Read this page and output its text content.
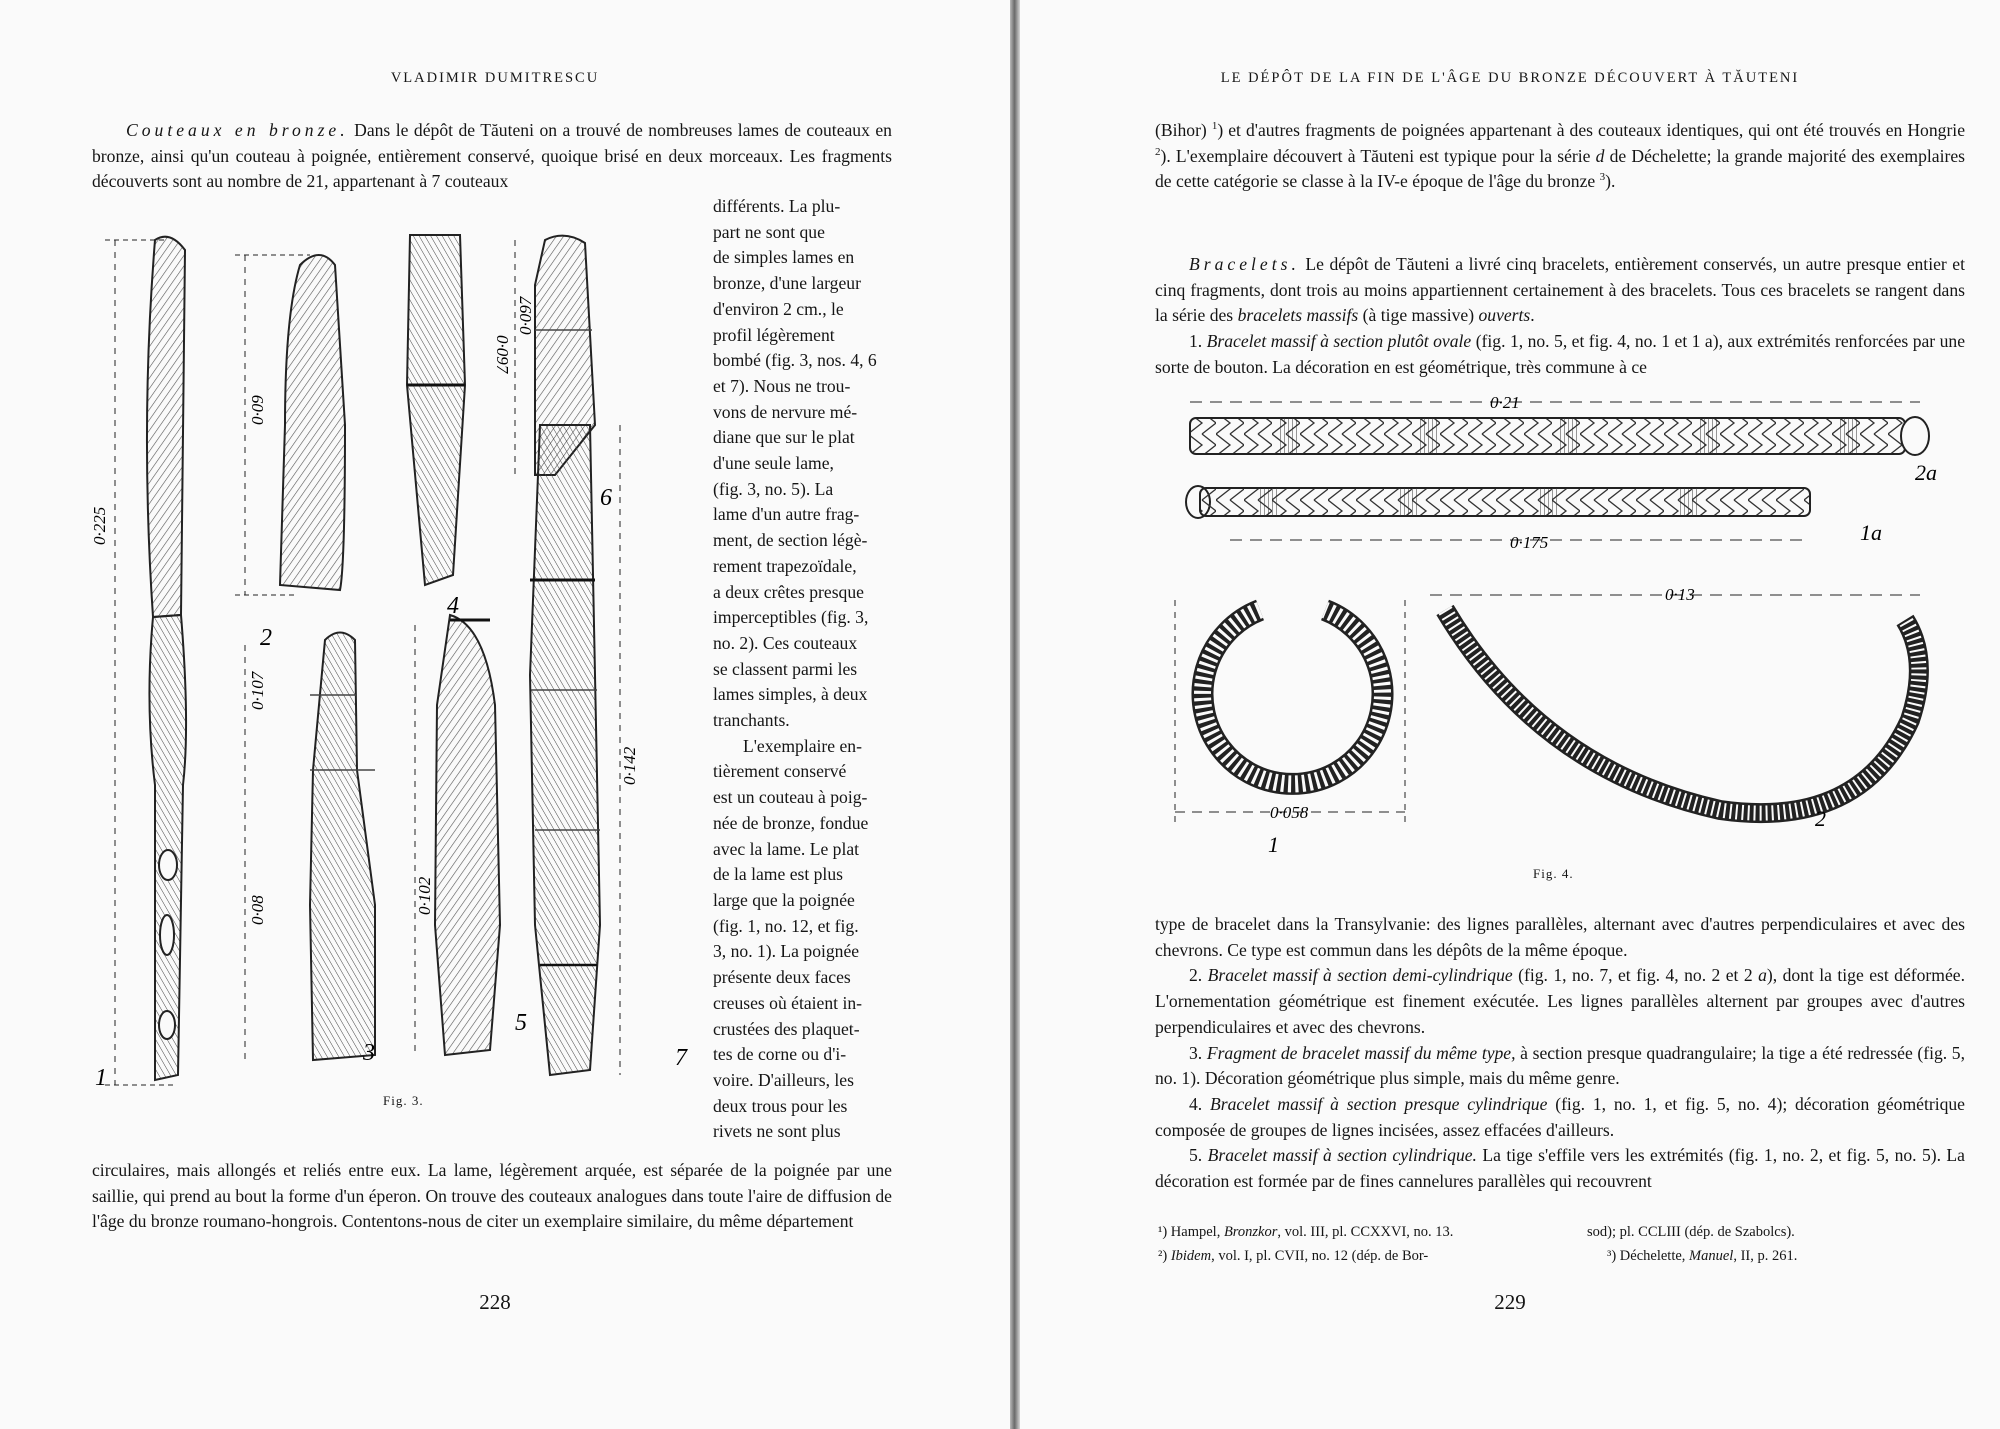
VLADIMIR DUMITRESCU

Couteaux en bronze. Dans le dépôt de Tăuteni on a trouvé de nombreuses lames de couteaux en bronze, ainsi qu'un couteau à poignée, entièrement conservé, quoique brisé en deux morceaux. Les fragments découverts sont au nombre de 21, appartenant à 7 couteaux

différents. La plu-
part ne sont que
de simples lames en
bronze, d'une largeur
d'environ 2 cm., le
profil légèrement
bombé (fig. 3, nos. 4, 6
et 7). Nous ne trou-
vons de nervure mé-
diane que sur le plat
d'une seule lame,
(fig. 3, no. 5). La
lame d'un autre frag-
ment, de section légè-
rement trapezoïdale,
a deux crêtes presque
imperceptibles (fig. 3,
no. 2). Ces couteaux
se classent parmi les
lames simples, à deux
tranchants.
L'exemplaire en-
tièrement conservé
est un couteau à poig-
née de bronze, fondue
avec la lame. Le plat
de la lame est plus
large que la poignée
(fig. 1, no. 12, et fig.
3, no. 1). La poignée
présente deux faces
creuses où étaient in-
crustées des plaquet-
tes de corne ou d'i-
voire. D'ailleurs, les
deux trous pour les
rivets ne sont plus

circulaires, mais allongés et reliés entre eux. La lame, légèrement arquée, est séparée de la poignée par une saillie, qui prend au bout la forme d'un éperon. On trouve des couteaux analogues dans toute l'aire de diffusion de l'âge du bronze roumano-hongrois. Contentons-nous de citer un exemplaire similaire, du même département

0·225
0·09
0·097
0·097
0·107
0·08	0·102
0·142
1
2
3
4
5
6
7
Fig. 3.
228
LE DÉPÔT DE LA FIN DE L'ÂGE DU BRONZE DÉCOUVERT À TĂUTENI

(Bihor) $^1$) et d'autres fragments de poignées appartenant à des couteaux identiques, qui ont été trouvés en Hongrie $^2$). L'exemplaire découvert à Tăuteni est typique pour la série d de Déchelette; la grande majorité des exemplaires de cette catégorie se classe à la IV-e époque de l'âge du bronze $^3$).

Bracelets. Le dépôt de Tăuteni a livré cinq bracelets, entièrement conservés, un autre presque entier et cinq fragments, dont trois au moins appartiennent certainement à des bracelets. Tous ces bracelets se rangent dans la série des bracelets massifs (à tige massive) ouverts.

1. Bracelet massif à section plutôt ovale (fig. 1, no. 5, et fig. 4, no. 1 et 1 a), aux extrémités renforcées par une sorte de bouton. La décoration en est géométrique, très commune à ce

0·21
0·175
0·13
0·058
2a
1a
1
2
Fig. 4.

type de bracelet dans la Transylvanie: des lignes parallèles, alternant avec d'autres perpendiculaires et avec des chevrons. Ce type est commun dans les dépôts de la même époque.

2. Bracelet massif à section demi-cylindrique (fig. 1, no. 7, et fig. 4, no. 2 et 2 a), dont la tige est déformée. L'ornementation géométrique est finement exécutée. Les lignes parallèles alternent par groupes avec d'autres perpendiculaires et avec des chevrons.

3. Fragment de bracelet massif du même type, à section presque quadrangulaire; la tige a été redressée (fig. 5, no. 1). Décoration géométrique plus simple, mais du même genre.

4. Bracelet massif à section presque cylindrique (fig. 1, no. 1, et fig. 5, no. 4); décoration géométrique composée de groupes de lignes incisées, assez effacées d'ailleurs.

5. Bracelet massif à section cylindrique. La tige s'effile vers les extrémités (fig. 1, no. 2, et fig. 5, no. 5). La décoration est formée par de fines cannelures parallèles qui recouvrent

¹) Hampel, Bronzkor, vol. III, pl. CCXXVI, no. 13.
²) Ibidem, vol. I, pl. CVII, no. 12 (dép. de Bor-
sod); pl. CCLIII (dép. de Szabolcs).
³) Déchelette, Manuel, II, p. 261.
229
